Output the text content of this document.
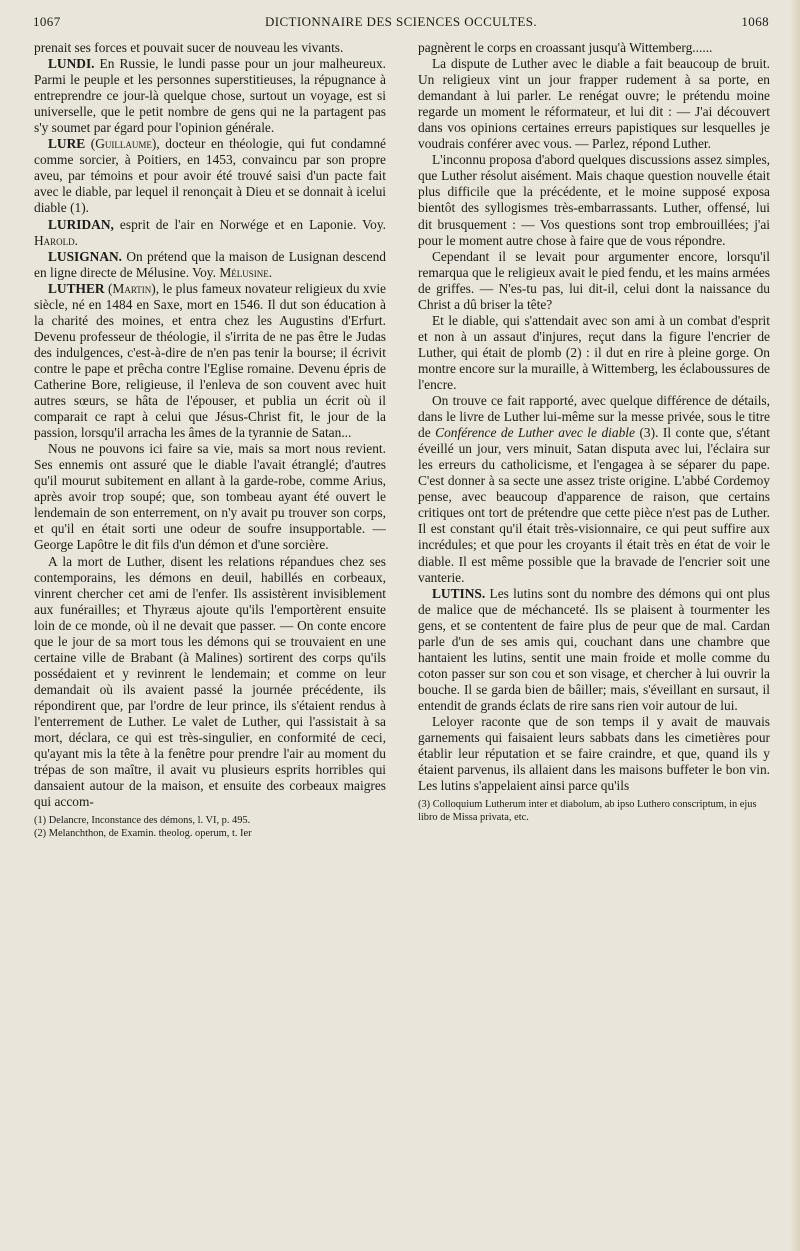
1067	DICTIONNAIRE DES SCIENCES OCCULTES.	1068

prenait ses forces et pouvait sucer de nouveau les vivants.

LUNDI. En Russie, le lundi passe pour un jour malheureux. Parmi le peuple et les personnes superstitieuses, la répugnance à entreprendre ce jour-là quelque chose, surtout un voyage, est si universelle, que le petit nombre de gens qui ne la partagent pas s'y soumet par égard pour l'opinion générale.

LURE (Guillaume), docteur en théologie, qui fut condamné comme sorcier, à Poitiers, en 1453, convaincu par son propre aveu, par témoins et pour avoir été trouvé saisi d'un pacte fait avec le diable, par lequel il renonçait à Dieu et se donnait à icelui diable (1).

LURIDAN, esprit de l'air en Norwége et en Laponie. Voy. Harold.

LUSIGNAN. On prétend que la maison de Lusignan descend en ligne directe de Mélusine. Voy. Mélusine.

LUTHER (Martin), le plus fameux novateur religieux du xvie siècle, né en 1484 en Saxe, mort en 1546. Il dut son éducation à la charité des moines, et entra chez les Augustins d'Erfurt. Devenu professeur de théologie, il s'irrita de ne pas être le Judas des indulgences, c'est-à-dire de n'en pas tenir la bourse; il écrivit contre le pape et prêcha contre l'Eglise romaine. Devenu épris de Catherine Bore, religieuse, il l'enleva de son couvent avec huit autres sœurs, se hâta de l'épouser, et publia un écrit où il comparait ce rapt à celui que Jésus-Christ fit, le jour de la passion, lorsqu'il arracha les âmes de la tyrannie de Satan...

Nous ne pouvons ici faire sa vie, mais sa mort nous revient. Ses ennemis ont assuré que le diable l'avait étranglé; d'autres qu'il mourut subitement en allant à la garde-robe, comme Arius, après avoir trop soupé; que, son tombeau ayant été ouvert le lendemain de son enterrement, on n'y avait pu trouver son corps, et qu'il en était sorti une odeur de soufre insupportable. — George Lapôtre le dit fils d'un démon et d'une sorcière.

A la mort de Luther, disent les relations répandues chez ses contemporains, les démons en deuil, habillés en corbeaux, vinrent chercher cet ami de l'enfer. Ils assistèrent invisiblement aux funérailles; et Thyræus ajoute qu'ils l'emportèrent ensuite loin de ce monde, où il ne devait que passer. — On conte encore que le jour de sa mort tous les démons qui se trouvaient en une certaine ville de Brabant (à Malines) sortirent des corps qu'ils possédaient et y revinrent le lendemain; et comme on leur demandait où ils avaient passé la journée précédente, ils répondirent que, par l'ordre de leur prince, ils s'étaient rendus à l'enterrement de Luther. Le valet de Luther, qui l'assistait à sa mort, déclara, ce qui est très-singulier, en conformité de ceci, qu'ayant mis la tête à la fenêtre pour prendre l'air au moment du trépas de son maître, il avait vu plusieurs esprits horribles qui dansaient autour de la maison, et ensuite des corbeaux maigres qui accom-

(1) Delancre, Inconstance des démons, l. VI, p. 495.
(2) Melanchthon, de Examin. theolog. operum, t. Ier

pagnèrent le corps en croassant jusqu'à Wittemberg......

La dispute de Luther avec le diable a fait beaucoup de bruit. Un religieux vint un jour frapper rudement à sa porte, en demandant à lui parler. Le renégat ouvre; le prétendu moine regarde un moment le réformateur, et lui dit : — J'ai découvert dans vos opinions certaines erreurs papistiques sur lesquelles je voudrais conférer avec vous. — Parlez, répond Luther.

L'inconnu proposa d'abord quelques discussions assez simples, que Luther résolut aisément. Mais chaque question nouvelle était plus difficile que la précédente, et le moine supposé exposa bientôt des syllogismes très-embarrassants. Luther, offensé, lui dit brusquement : — Vos questions sont trop embrouillées; j'ai pour le moment autre chose à faire que de vous répondre.

Cependant il se levait pour argumenter encore, lorsqu'il remarqua que le religieux avait le pied fendu, et les mains armées de griffes. — N'es-tu pas, lui dit-il, celui dont la naissance du Christ a dû briser la tête?

Et le diable, qui s'attendait avec son ami à un combat d'esprit et non à un assaut d'injures, reçut dans la figure l'encrier de Luther, qui était de plomb (2) : il dut en rire à pleine gorge. On montre encore sur la muraille, à Wittemberg, les éclaboussures de l'encre.

On trouve ce fait rapporté, avec quelque différence de détails, dans le livre de Luther lui-même sur la messe privée, sous le titre de Conférence de Luther avec le diable (3). Il conte que, s'étant éveillé un jour, vers minuit, Satan disputa avec lui, l'éclaira sur les erreurs du catholicisme, et l'engagea à se séparer du pape. C'est donner à sa secte une assez triste origine. L'abbé Cordemoy pense, avec beaucoup d'apparence de raison, que certains critiques ont tort de prétendre que cette pièce n'est pas de Luther. Il est constant qu'il était très-visionnaire, ce qui peut suffire aux incrédules; et que pour les croyants il était très en état de voir le diable. Il est même possible que la bravade de l'encrier soit une vanterie.

LUTINS. Les lutins sont du nombre des démons qui ont plus de malice que de méchanceté. Ils se plaisent à tourmenter les gens, et se contentent de faire plus de peur que de mal. Cardan parle d'un de ses amis qui, couchant dans une chambre que hantaient les lutins, sentit une main froide et molle comme du coton passer sur son cou et son visage, et chercher à lui ouvrir la bouche. Il se garda bien de bâiller; mais, s'éveillant en sursaut, il entendit de grands éclats de rire sans rien voir autour de lui.

Leloyer raconte que de son temps il y avait de mauvais garnements qui faisaient leurs sabbats dans les cimetières pour établir leur réputation et se faire craindre, et que, quand ils y étaient parvenus, ils allaient dans les maisons buffeter le bon vin. Les lutins s'appelaient ainsi parce qu'ils

(3) Colloquium Lutherum inter et diabolum, ab ipso Luthero conscriptum, in ejus libro de Missa privata, etc.
